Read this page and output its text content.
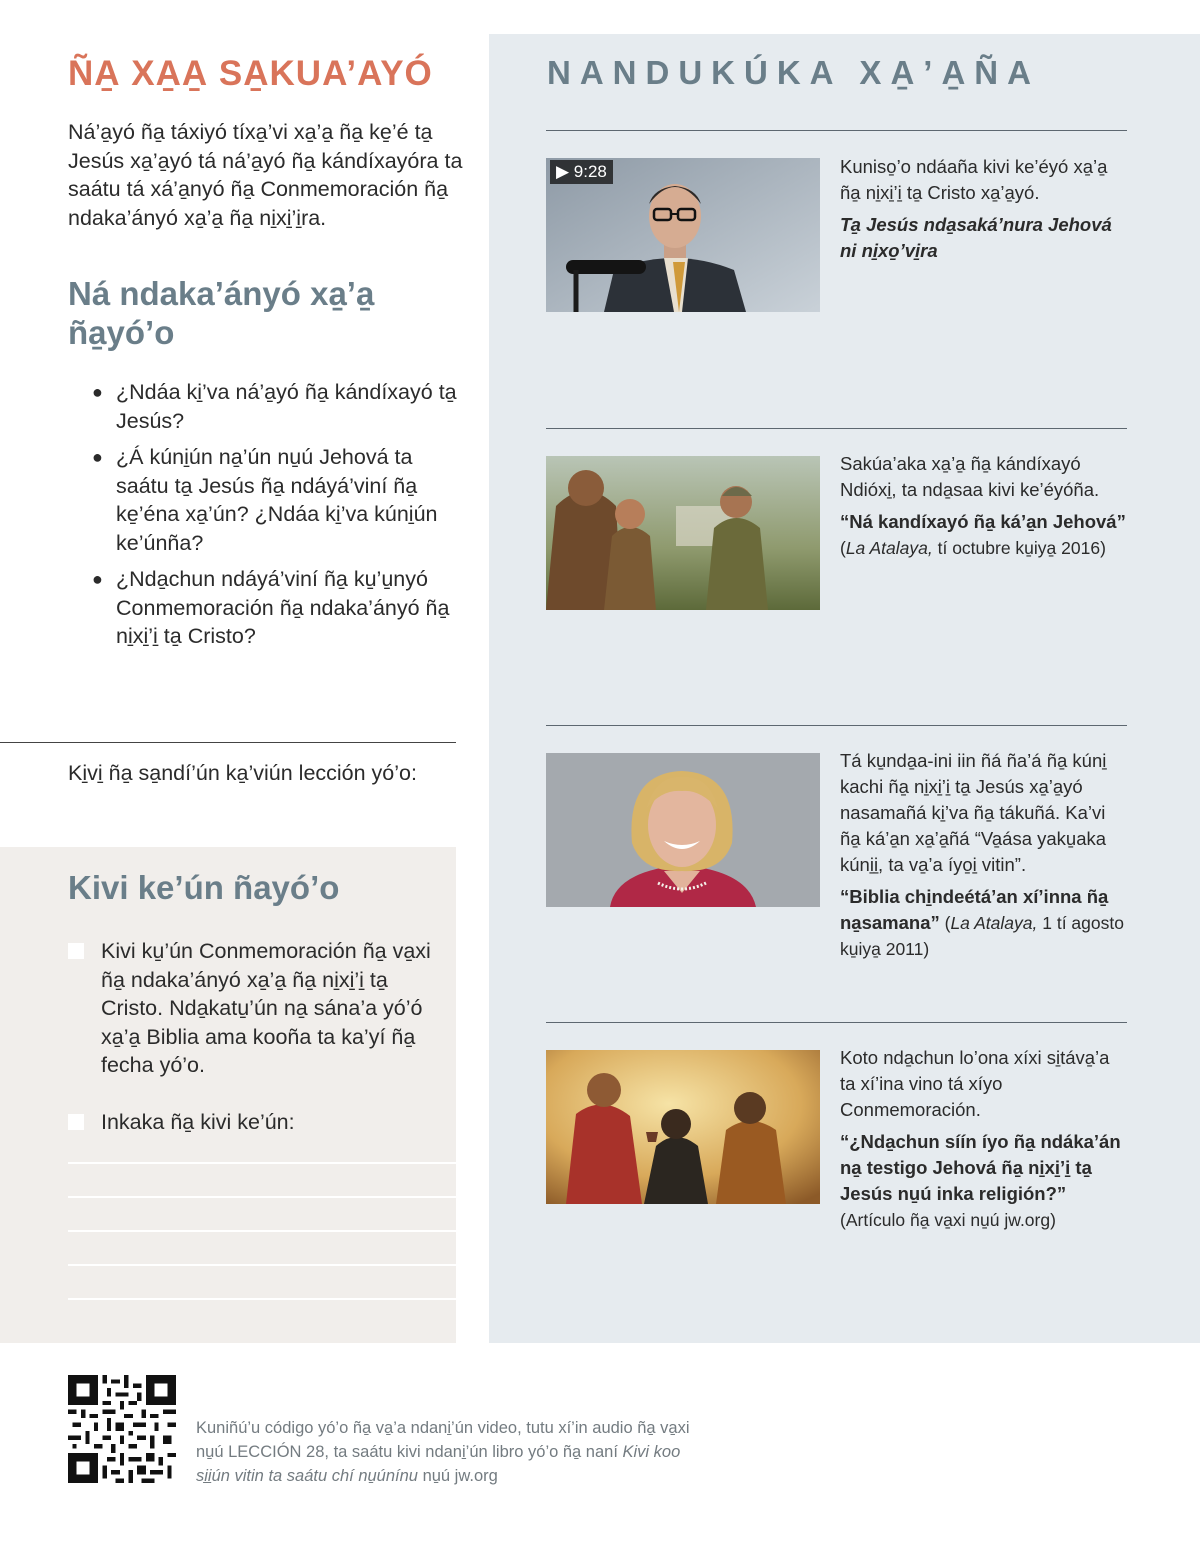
ÑA̱ XA̱A̱ SA̱KUA’AYÓ

Ná’a̱yó ña̱ táxiyó tíxa̱’vi xa̱’a̱ ña̱ ke̱’é ta̱ Jesús xa̱’a̱yó tá ná’a̱yó ña̱ kándíxayóra ta saátu tá xá’a̱nyó ña̱ Conmemoración ña̱ ndaka’ányó xa̱’a̱ ña̱ ni̱xi̱’i̱ra.

Ná ndaka’ányó xa̱’a̱ ña̱yó’o
● ¿Ndáa ki̱’va ná’a̱yó ña̱ kándíxayó ta̱ Jesús?
● ¿Á kúni̱ún na̱’ún nu̱ú Jehová ta saátu ta̱ Jesús ña̱ ndáyá’viní ña̱ ke̱’éna xa̱’ún? ¿Ndáa ki̱’va kúni̱ún ke’únña?
● ¿Nda̱chun ndáyá’viní ña̱ ku̱’u̱nyó Conmemoración ña̱ ndaka’ányó ña̱ ni̱xi̱’i̱ ta̱ Cristo?
Ki̱vi̱ ña̱ sa̱ndí’ún ka̱’viún lección yó’o:
Kivi ke’ún ñayó’o
Kivi ku̱’ún Conmemoración ña̱ va̱xi ña̱ ndaka’ányó xa̱’a̱ ña̱ ni̱xi̱’i̱ ta̱ Cristo. Nda̱katu̱’ún na̱ sána’a yó’ó xa̱’a̱ Biblia ama kooña ta ka’yí ña̱ fecha yó’o.
Inkaka ña̱ kivi ke’ún:
NANDUKÚKA XA̱’A̱ÑA
▶ 9:28	Kuniso̱’o ndáaña kivi ke’éyó xa̱’a̱ ña̱ ni̱xi̱’i̱ ta̱ Cristo xa̱’a̱yó.
Ta̱ Jesús nda̱saká’nura Jehová ni ni̱xo̱’vi̱ra
Sakúa’aka xa̱’a̱ ña̱ kándíxayó Ndióxi̱, ta nda̱saa kivi ke’éyóña.
“Ná kandíxayó ña̱ ká’a̱n Jehová”
(La Atalaya, tí octubre ku̱iya̱ 2016)
Tá ku̱nda̱a-ini iin ñá ña’á ña̱ kúni̱ kachi ña̱ ni̱xi̱’i̱ ta̱ Jesús xa̱’a̱yó nasamañá ki̱’va ña̱ tákuñá. Ka’vi ña̱ ká’a̱n xa̱’a̱ñá “Va̱ása yaku̱aka kúni̱i̱, ta va̱’a íyo̱i̱ vitin”.
“Biblia chi̱ndeétá’an xí’inna ña̱ na̱samana” (La Atalaya, 1 tí agosto ku̱iya̱ 2011)
Koto nda̱chun lo’ona xíxi si̱táva̱’a ta xí’ina vino tá xíyo Conmemoración.
“¿Nda̱chun síín íyo ña̱ ndáka’án na̱ testigo Jehová ña̱ ni̱xi̱’i̱ ta̱ Jesús nu̱ú inka religión?”
(Artículo ña̱ va̱xi nu̱ú jw.org)

Kuniñú’u código yó’o ña̱ va̱’a ndani̱’ún video, tutu xí’in audio ña̱ va̱xi nu̱ú LECCIÓN 28, ta saátu kivi ndani̱’ún libro yó’o ña̱ naní Kivi koo si̱i̱ún vitin ta saátu chí nu̱únínu nu̱ú jw.org
